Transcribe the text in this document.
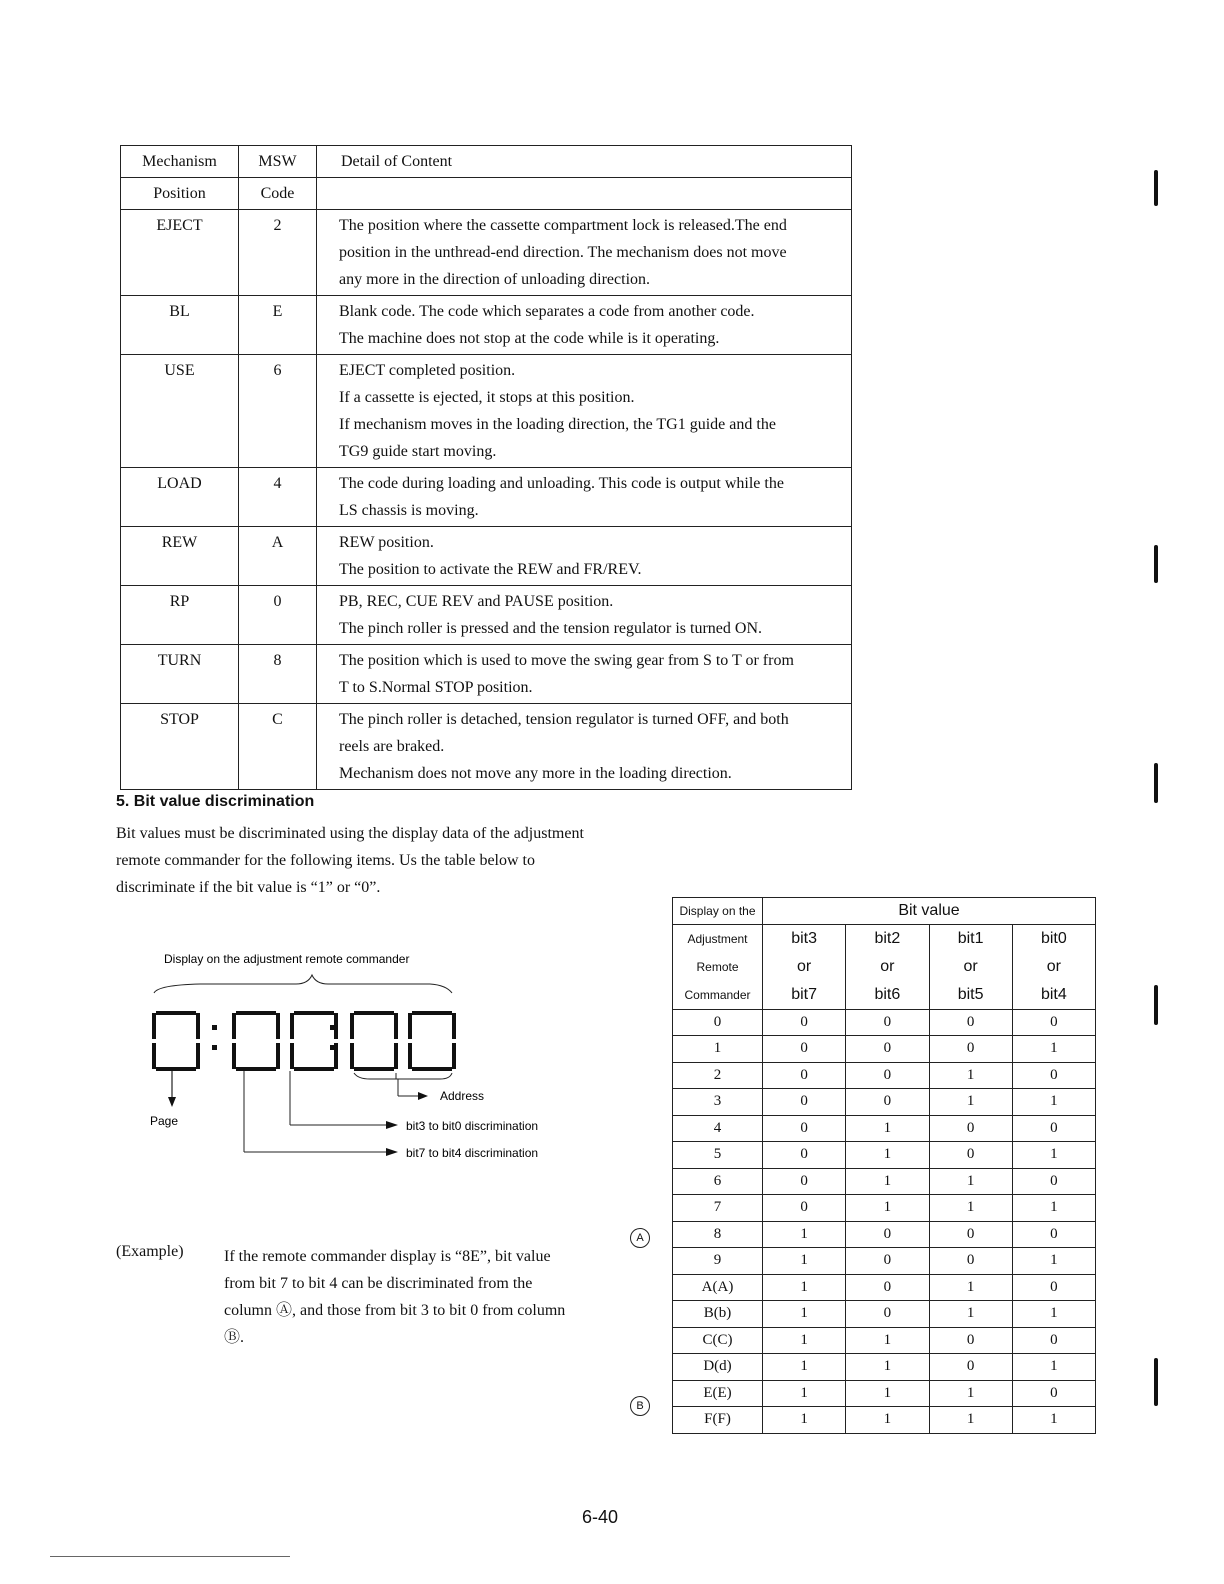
Mechanism	MSW	Detail of Content
Position	Code	
EJECT	2	The position where the cassette compartment lock is released.The end
position in the unthread-end direction. The mechanism does not move
any more in the direction of unloading direction.

BL	E	Blank code. The code which separates a code from another code.
The machine does not stop at the code while is it operating.

USE	6	EJECT completed position.
If a cassette is ejected, it stops at this position.
If mechanism moves in the loading direction, the TG1 guide and the
TG9 guide start moving.

LOAD	4	The code during loading and unloading. This code is output while the
LS chassis is moving.

REW	A	REW position.
The position to activate the REW and FR/REV.

RP	0	PB, REC, CUE REV and PAUSE position.
The pinch roller is pressed and the tension regulator is turned ON.

TURN	8	The position which is used to move the swing gear from S to T or from
T to S.Normal STOP position.

STOP	C	The pinch roller is detached, tension regulator is turned OFF, and both
reels are braked.
Mechanism does not move any more in the loading direction.
5. Bit value discrimination
Bit values must be discriminated using the display data of the adjustment remote commander for the following items. Us the table below to discriminate if the bit value is “1” or “0”.
Display on the adjustment remote commander
Page
Address
bit3 to bit0 discrimination
bit7 to bit4 discrimination
(Example)	If the remote commander display is “8E”, bit value from bit 7 to bit 4 can be discriminated from the column Ⓐ, and those from bit 3 to bit 0 from column Ⓑ.
A
B
Display on the	Bit value			
Adjustment	bit3	bit2	bit1	bit0
Remote	or	or	or	or
Commander	bit7	bit6	bit5	bit4
0	0	0	0	0
1	0	0	0	1
2	0	0	1	0
3	0	0	1	1
4	0	1	0	0
5	0	1	0	1
6	0	1	1	0
7	0	1	1	1
8	1	0	0	0
9	1	0	0	1
A(A)	1	0	1	0
B(b)	1	0	1	1
C(C)	1	1	0	0
D(d)	1	1	0	1
E(E)	1	1	1	0
F(F)	1	1	1	1
6-40
